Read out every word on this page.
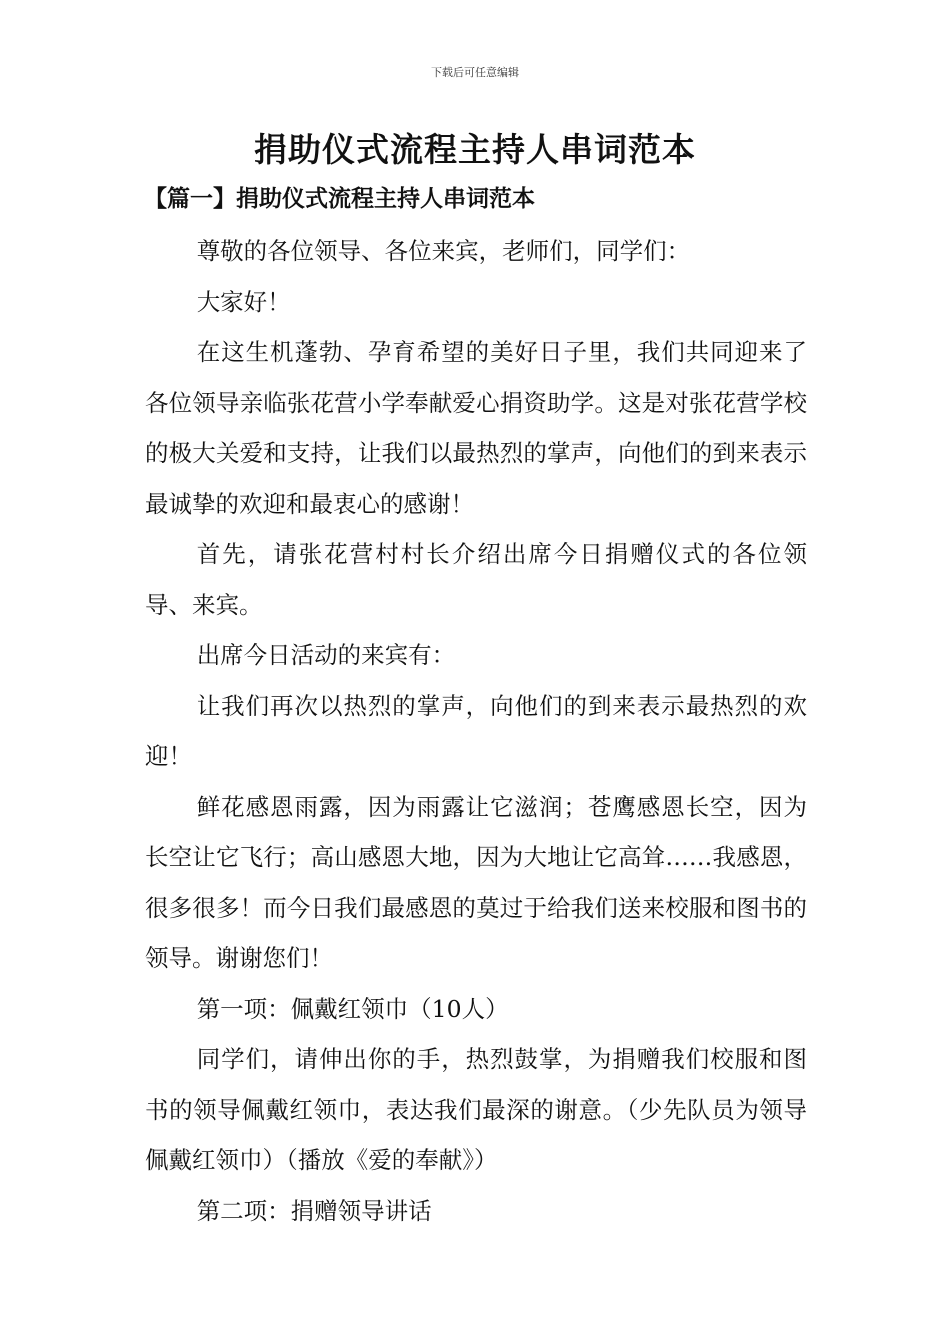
下载后可任意编辑
捐助仪式流程主持人串词范本
【篇一】捐助仪式流程主持人串词范本

尊敬的各位领导、各位来宾，老师们，同学们：

大家好！

在这生机蓬勃、孕育希望的美好日子里，我们共同迎来了各位领导亲临张花营小学奉献爱心捐资助学。这是对张花营学校的极大关爱和支持，让我们以最热烈的掌声，向他们的到来表示最诚挚的欢迎和最衷心的感谢！

首先，请张花营村村长介绍出席今日捐赠仪式的各位领导、来宾。

出席今日活动的来宾有：

让我们再次以热烈的掌声，向他们的到来表示最热烈的欢迎！

鲜花感恩雨露，因为雨露让它滋润；苍鹰感恩长空，因为长空让它飞行；高山感恩大地，因为大地让它高耸……我感恩，很多很多！而今日我们最感恩的莫过于给我们送来校服和图书的领导。谢谢您们！

第一项：佩戴红领巾（10人）

同学们，请伸出你的手，热烈鼓掌，为捐赠我们校服和图书的领导佩戴红领巾，表达我们最深的谢意。（少先队员为领导佩戴红领巾）（播放《爱的奉献》）

第二项：捐赠领导讲话
